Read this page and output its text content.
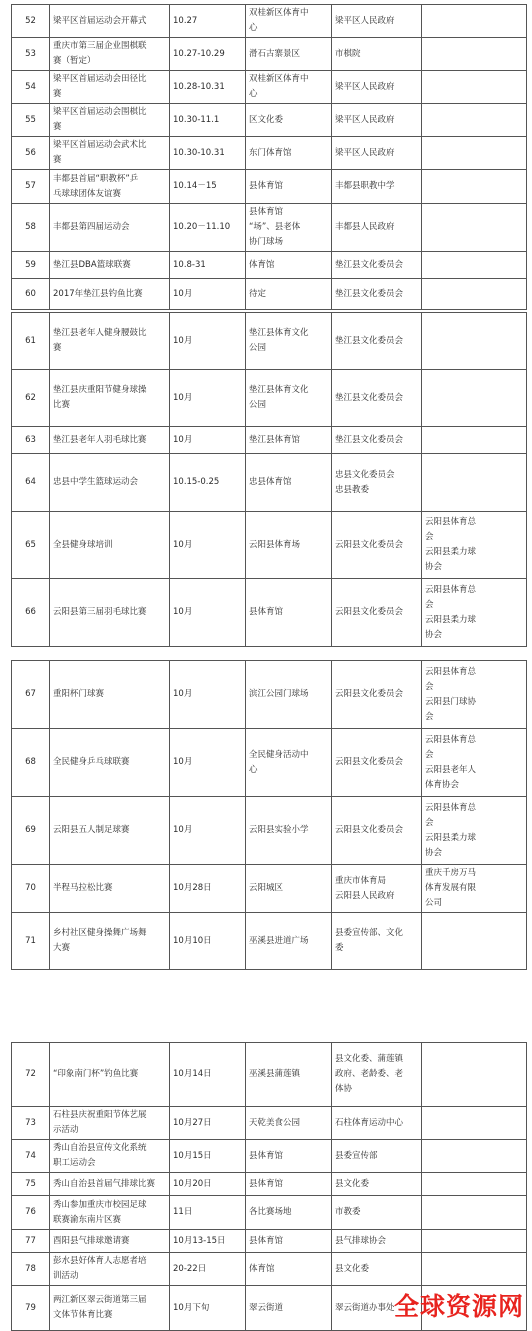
52	梁平区首届运动会开幕式	10.27	双桂新区体育中
心	梁平区人民政府	

53	重庆市第三届企业围棋联
赛（暂定）	10.27-10.29	滑石古寨景区	市棋院	

54	梁平区首届运动会田径比
赛	10.28-10.31	双桂新区体育中
心	梁平区人民政府	

55	梁平区首届运动会围棋比
赛	10.30-11.1	区文化委	梁平区人民政府	

56	梁平区首届运动会武术比
赛	10.30-10.31	东门体育馆	梁平区人民政府	

57	丰都县首届“职教杯”乒
乓球球团体友谊赛	10.14－15	县体育馆	丰都县职教中学	

58	丰都县第四届运动会	10.20－11.10	县体育馆
“场”、县老体
协门球场	丰都县人民政府	

59	垫江县DBA篮球联赛	10.8-31	体育馆	垫江县文化委员会	

60	2017年垫江县钓鱼比赛	10月	待定	垫江县文化委员会	

61	垫江县老年人健身腰鼓比
赛	10月	垫江县体育文化
公园	垫江县文化委员会	

62	垫江县庆重阳节健身球操
比赛	10月	垫江县体育文化
公园	垫江县文化委员会	

63	垫江县老年人羽毛球比赛	10月	垫江县体育馆	垫江县文化委员会	

64	忠县中学生篮球运动会	10.15-0.25	忠县体育馆	忠县文化委员会
忠县教委	

65	全县健身球培训	10月	云阳县体育场	云阳县文化委员会	云阳县体育总
会
云阳县柔力球
协会

66	云阳县第三届羽毛球比赛	10月	县体育馆	云阳县文化委员会	云阳县体育总
会
云阳县柔力球
协会
67	重阳杯门球赛	10月	滨江公园门球场	云阳县文化委员会	云阳县体育总
会
云阳县门球协
会

68	全民健身乒乓球联赛	10月	全民健身活动中
心	云阳县文化委员会	云阳县体育总
会
云阳县老年人
体育协会

69	云阳县五人制足球赛	10月	云阳县实验小学	云阳县文化委员会	云阳县体育总
会
云阳县柔力球
协会

70	半程马拉松比赛	10月28日	云阳城区	重庆市体育局
云阳县人民政府	重庆千房万马
体育发展有限
公司

71	乡村社区健身操舞广场舞
大赛	10月10日	巫溪县进道广场	县委宣传部、文化
委	

72	“印象南门杯”钓鱼比赛	10月14日	巫溪县蒲莲镇	县文化委、蒲莲镇
政府、老龄委、老
体协	

73	石柱县庆祝重阳节体艺展
示活动	10月27日	天乾美食公园	石柱体育运动中心	

74	秀山自治县宣传文化系统
职工运动会	10月15日	县体育馆	县委宣传部	

75	秀山自治县首届气排球比赛	10月20日	县体育馆	县文化委	

76	秀山参加重庆市校园足球
联赛渝东南片区赛	11日	各比赛场地	市教委	

77	酉阳县气排球邀请赛	10月13-15日	县体育馆	县气排球协会	

78	彭水县好体育人志愿者培
训活动	20-22日	体育馆	县文化委	

79	两江新区翠云街道第三届
文体节体育比赛	10月下旬	翠云街道	翠云街道办事处	
	全球资源网
